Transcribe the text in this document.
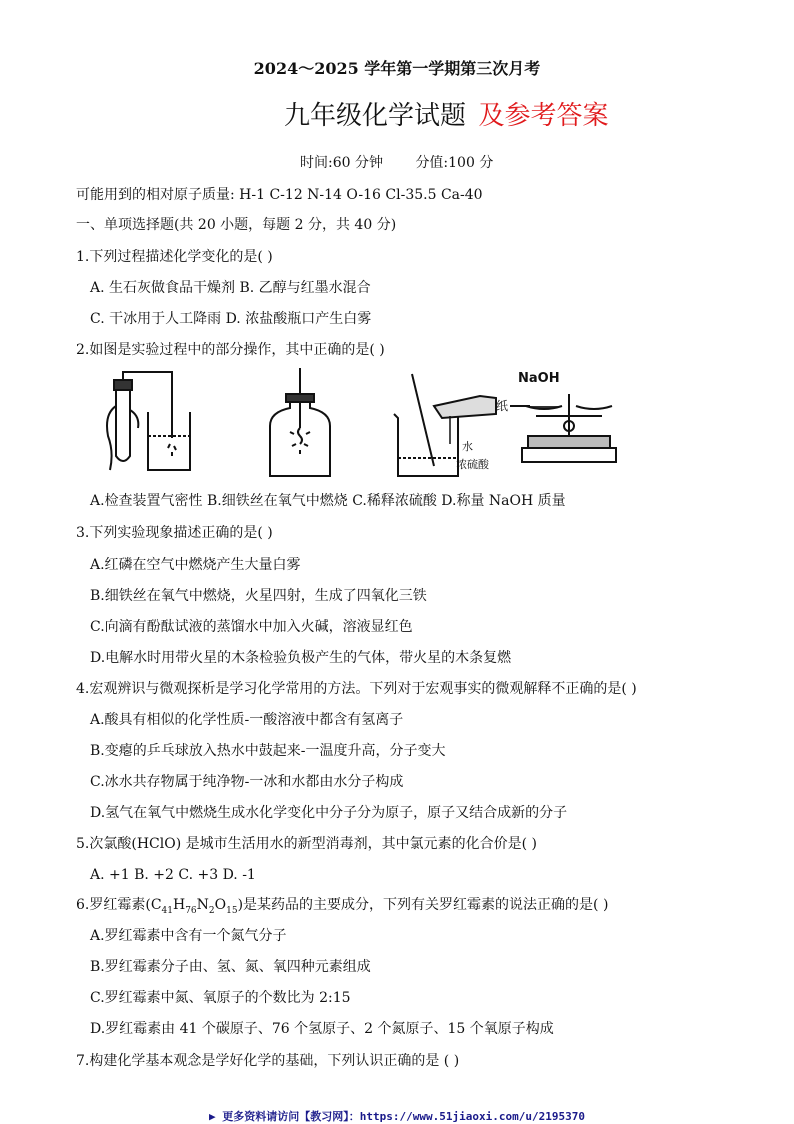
2024～2025 学年第一学期第三次月考
九年级化学试题 及参考答案
时间:60 分钟 分值:100 分
可能用到的相对原子质量: H-1 C-12 N-14 O-16 Cl-35.5 Ca-40
一、单项选择题(共 20 小题，每题 2 分，共 40 分)
1.下列过程描述化学变化的是( )
A. 生石灰做食品干燥剂 B. 乙醇与红墨水混合
C. 干冰用于人工降雨 D. 浓盐酸瓶口产生白雾
2.如图是实验过程中的部分操作，其中正确的是( )
水
浓硫酸
NaOH
纸
A.检查装置气密性 B.细铁丝在氧气中燃烧 C.稀释浓硫酸 D.称量 NaOH 质量
3.下列实验现象描述正确的是( )
A.红磷在空气中燃烧产生大量白雾
B.细铁丝在氧气中燃烧，火星四射，生成了四氧化三铁
C.向滴有酚酞试液的蒸馏水中加入火碱，溶液显红色
D.电解水时用带火星的木条检验负极产生的气体，带火星的木条复燃
4.宏观辨识与微观探析是学习化学常用的方法。下列对于宏观事实的微观解释不正确的是( )
A.酸具有相似的化学性质-一酸溶液中都含有氢离子
B.变瘪的乒乓球放入热水中鼓起来-一温度升高，分子变大
C.冰水共存物属于纯净物-一冰和水都由水分子构成
D.氢气在氧气中燃烧生成水化学变化中分子分为原子，原子又结合成新的分子
5.次氯酸(HClO) 是城市生活用水的新型消毒剂，其中氯元素的化合价是( )
A. +1 B. +2 C. +3 D. -1
6.罗红霉素$(C_{41}H_{76}N_2O_{15})$是某药品的主要成分，下列有关罗红霉素的说法正确的是( )
A.罗红霉素中含有一个氮气分子
B.罗红霉素分子由、氢、氮、氧四种元素组成
C.罗红霉素中氮、氧原子的个数比为 2:15
D.罗红霉素由 41 个碳原子、76 个氢原子、2 个氮原子、15 个氧原子构成
7.构建化学基本观念是学好化学的基础，下列认识正确的是 ( )
▶ 更多资料请访问【教习网】：https://www.51jiaoxi.com/u/2195370
